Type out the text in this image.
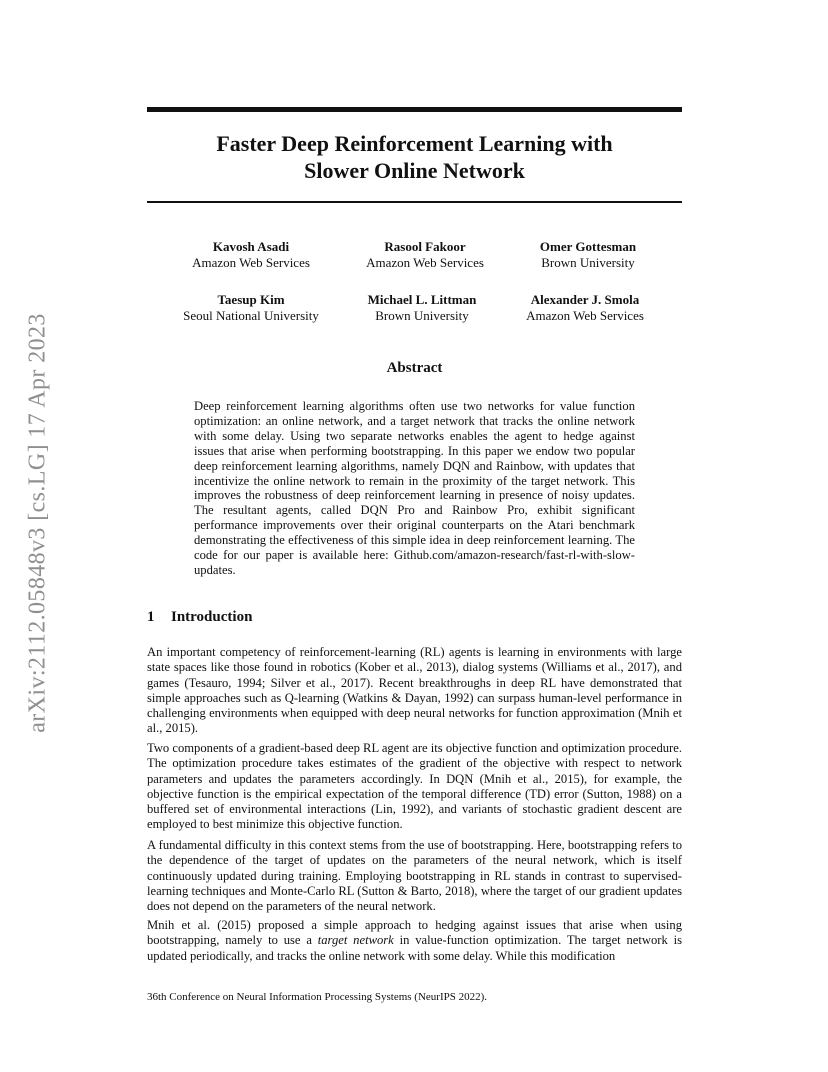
arXiv:2112.05848v3 [cs.LG] 17 Apr 2023
Faster Deep Reinforcement Learning with
Slower Online Network
Kavosh Asadi
Amazon Web Services
Rasool Fakoor
Amazon Web Services
Omer Gottesman
Brown University
Taesup Kim
Seoul National University
Michael L. Littman
Brown University
Alexander J. Smola
Amazon Web Services
Abstract

Deep reinforcement learning algorithms often use two networks for value function optimization: an online network, and a target network that tracks the online network with some delay. Using two separate networks enables the agent to hedge against issues that arise when performing bootstrapping. In this paper we endow two popular deep reinforcement learning algorithms, namely DQN and Rainbow, with updates that incentivize the online network to remain in the proximity of the target network. This improves the robustness of deep reinforcement learning in presence of noisy updates. The resultant agents, called DQN Pro and Rainbow Pro, exhibit significant performance improvements over their original counterparts on the Atari benchmark demonstrating the effectiveness of this simple idea in deep reinforcement learning. The code for our paper is available here: Github.com/amazon-research/fast-rl-with-slow-updates.

1 Introduction

An important competency of reinforcement-learning (RL) agents is learning in environments with large state spaces like those found in robotics (Kober et al., 2013), dialog systems (Williams et al., 2017), and games (Tesauro, 1994; Silver et al., 2017). Recent breakthroughs in deep RL have demonstrated that simple approaches such as Q-learning (Watkins & Dayan, 1992) can surpass human-level performance in challenging environments when equipped with deep neural networks for function approximation (Mnih et al., 2015).

Two components of a gradient-based deep RL agent are its objective function and optimization procedure. The optimization procedure takes estimates of the gradient of the objective with respect to network parameters and updates the parameters accordingly. In DQN (Mnih et al., 2015), for example, the objective function is the empirical expectation of the temporal difference (TD) error (Sutton, 1988) on a buffered set of environmental interactions (Lin, 1992), and variants of stochastic gradient descent are employed to best minimize this objective function.

A fundamental difficulty in this context stems from the use of bootstrapping. Here, bootstrapping refers to the dependence of the target of updates on the parameters of the neural network, which is itself continuously updated during training. Employing bootstrapping in RL stands in contrast to supervised-learning techniques and Monte-Carlo RL (Sutton & Barto, 2018), where the target of our gradient updates does not depend on the parameters of the neural network.

Mnih et al. (2015) proposed a simple approach to hedging against issues that arise when using bootstrapping, namely to use a target network in value-function optimization. The target network is updated periodically, and tracks the online network with some delay. While this modification

36th Conference on Neural Information Processing Systems (NeurIPS 2022).
